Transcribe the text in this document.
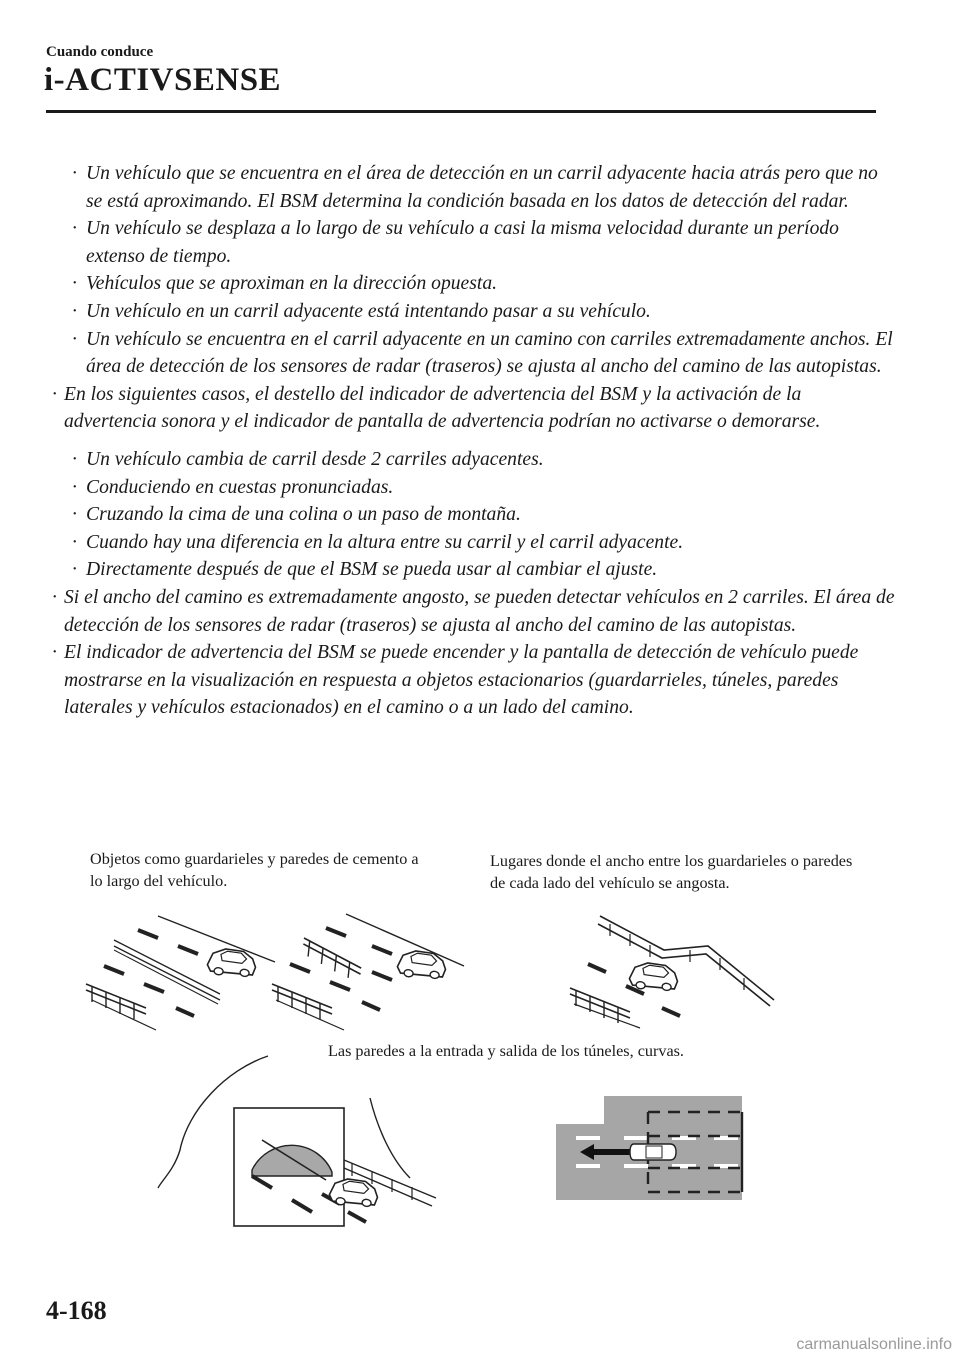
Cuando conduce
i-ACTIVSENSE
· Un vehículo que se encuentra en el área de detección en un carril adyacente hacia atrás pero que no se está aproximando. El BSM determina la condición basada en los datos de detección del radar.
· Un vehículo se desplaza a lo largo de su vehículo a casi la misma velocidad durante un período extenso de tiempo.
· Vehículos que se aproximan en la dirección opuesta.
· Un vehículo en un carril adyacente está intentando pasar a su vehículo.
· Un vehículo se encuentra en el carril adyacente en un camino con carriles extremadamente anchos. El área de detección de los sensores de radar (traseros) se ajusta al ancho del camino de las autopistas.
· En los siguientes casos, el destello del indicador de advertencia del BSM y la activación de la advertencia sonora y el indicador de pantalla de advertencia podrían no activarse o demorarse.
· Un vehículo cambia de carril desde 2 carriles adyacentes.
· Conduciendo en cuestas pronunciadas.
· Cruzando la cima de una colina o un paso de montaña.
· Cuando hay una diferencia en la altura entre su carril y el carril adyacente.
· Directamente después de que el BSM se pueda usar al cambiar el ajuste.
· Si el ancho del camino es extremadamente angosto, se pueden detectar vehículos en 2 carriles. El área de detección de los sensores de radar (traseros) se ajusta al ancho del camino de las autopistas.
· El indicador de advertencia del BSM se puede encender y la pantalla de detección de vehículo puede mostrarse en la visualización en respuesta a objetos estacionarios (guardarrieles, túneles, paredes laterales y vehículos estacionados) en el camino o a un lado del camino.
Objetos como guardarieles y paredes de cemento a lo largo del vehículo.
Lugares donde el ancho entre los guardarieles o paredes de cada lado del vehículo se angosta.
Las paredes a la entrada y salida de los túneles, curvas.
4-168
carmanualsonline.info
